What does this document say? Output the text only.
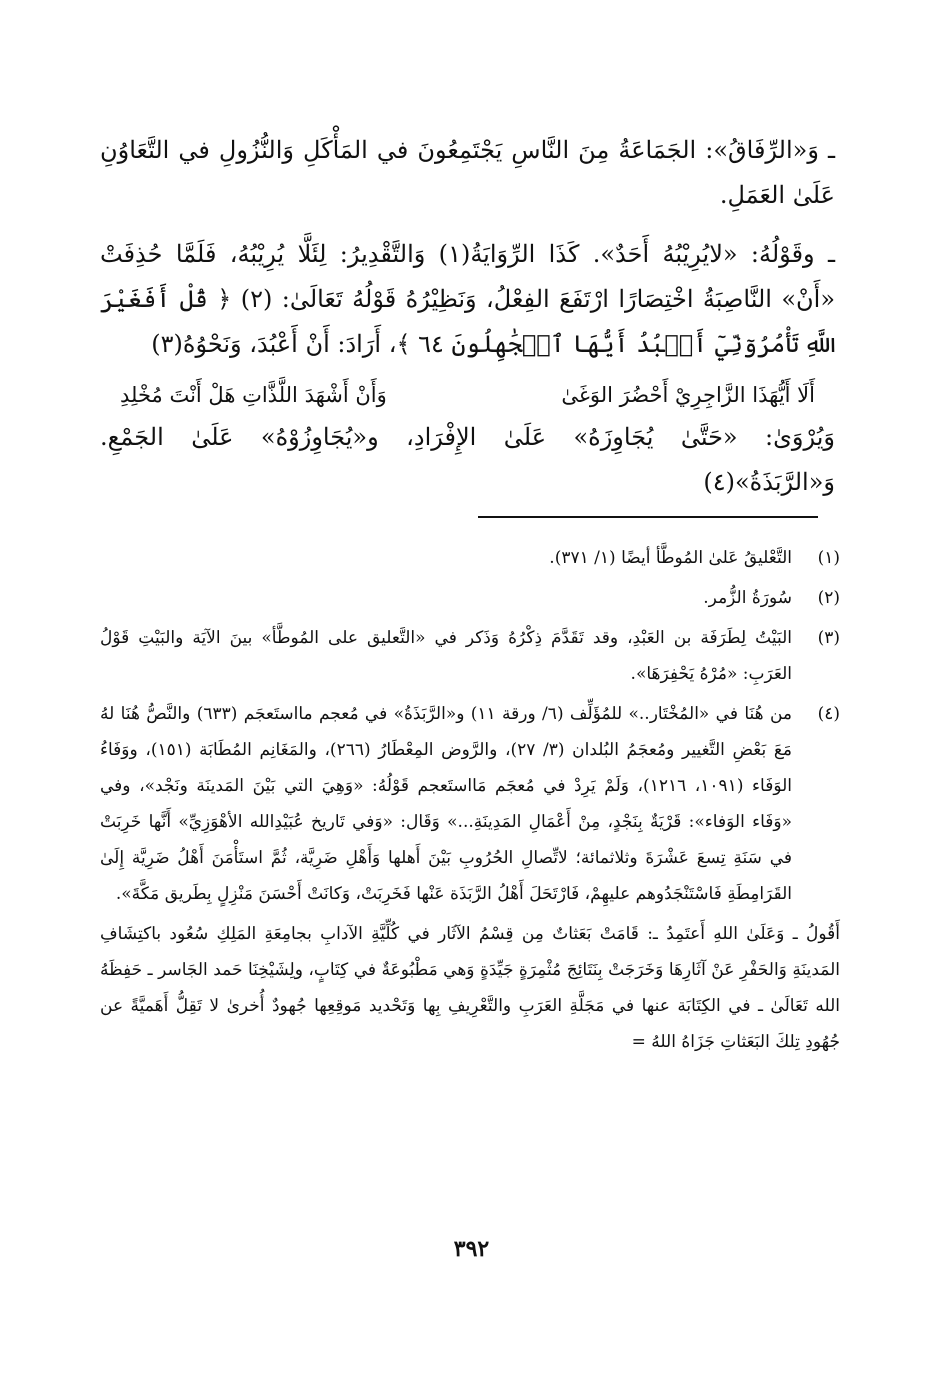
ـ وَ«الرِّفَاقُ»: الجَمَاعَةُ مِنَ النَّاسِ يَجْتَمِعُونَ في المَأْكَلِ وَالنُّزُولِ في التَّعَاوُنِ عَلَىٰ العَمَلِ.

ـ وقَوْلُهُ: «لايُرِيْبُهُ أَحَدٌ». كَذَا الرِّوَايَةُ(١) وَالتَّقْدِيرُ: لِئَلَّا يُرِيْبُهُ، فَلَمَّا حُذِفَتْ «أَنْ» النَّاصِبَةُ اخْتِصَارًا ارْتَفَعَ الفِعْلُ، وَنَظِيْرُهُ قَوْلُهُ تَعَالَىٰ: (٢) ﴿ قُلْ أَفَغَيْرَ اللَّهِ تَأْمُرُوٓنِّيٓ أَعۡبُدُ أَيُّهَا ٱلۡجَٰهِلُونَ ٦٤ ﴾، أَرَادَ: أَنْ أَعْبُدَ، وَنَحْوُهُ(٣)

أَلَا أَيُّهَذَا الزَّاجِرِيْ أَحْضُرَ الوَغَىٰ
وَأَنْ أَشْهَدَ اللَّذَّاتِ هَلْ أَنْتَ مُخْلِدِ

وَيُرْوَىٰ: «حَتَّىٰ يُجَاوِزَهُ» عَلَىٰ الإِفْرَادِ، و«يُجَاوِزُوْهُ» عَلَىٰ الجَمْعِ. وَ«الرَّبَذَةُ»(٤)

(١)
التَّعْليقُ عَلىٰ المُوطَّأ أيضًا (١/ ٣٧١).
(٢)
سُورَةُ الزُّمر.
(٣)
البَيْتُ لِطَرَفَة بن العَبْدِ، وقد تَقَدَّمَ ذِكْرُهُ وَذَكر في «التَّعليق على المُوطَّأ» بينَ الآيَة والبَيْتِ قَوْلُ العَرَبِ: «مُرْهُ يَحْفِرَهَا».
(٤)
من هُنَا في «المُخْتَار..» للمُؤَلِّف (٦/ ورقة ١١) و«الرَّبَذَةُ» في مُعجم مااستَعجَم (٦٣٣) والنَّصُّ هُنَا لهُ مَعَ بَعْضِ التَّغيير ومُعجَمُ البُلدان (٣/ ٢٧)، والرَّوض المِعْطَارُ (٢٦٦)، والمَغَانِم المُطَابَة (١٥١)، ووَفَاءُ الوَفَاء (١٠٩١، ١٢١٦)، وَلَمْ يَرِدْ في مُعجَم مَااستَعجم قَوْلُهُ: «وَهِيَ التي بَيْنَ المَدينَة ونَجْد»، وفي «وَفَاء الوَفاء»: قَرْيَةٌ بِنَجْدٍ، مِنْ أَعْمَالِ المَدِينَةِ...» وَقَال: «وَفي تَاريخ عُبَيْدِالله الأهْوَزِيِّ» أَنَّها خَرِبَتْ في سَنَةِ تِسعَ عَشْرَةَ وثلاثمائة؛ لاتِّصالِ الحُرُوبِ بَيْنَ أَهلها وَأَهْلِ ضَرِيَّة، ثُمَّ استَأْمَنَ أَهْلُ ضَرِيَّة إِلَىٰ القَرَامِطَةِ فَاسْتَنْجَدُوهم عليهِمْ، فَارْتَحَلَ أَهْلُ الرَّبَذَة عَنْها فَخَرِبَتْ، وَكانَتْ أَحْسَنَ مَنْزِلٍ بِطَريق مَكَّةَ».

أَقُولُ ـ وَعَلَىٰ اللهِ أَعتَمِدُ ـ: قَامَتْ بَعَثاتٌ مِن قِسْمُ الآثَار في كُلِّيَّةِ الآدابِ بجامِعَةِ المَلِكِ سُعُود باكتِشَافِ المَدينَةِ وَالحَفْرِ عَنْ آثَارِهَا وَخَرَجَتْ بِنَتَائِجَ مُثْمِرَةٍ جَيِّدَةٍ وَهي مَطْبُوعَةٌ في كِتَابٍ، ولِشَيْخِنَا حَمد الجَاسر ـ حَفِظَهُ الله تَعَالَىٰ ـ في الكِتَابَة عنها في مَجَلَّةِ العَرَبِ والتَّعْرِيفِ بِها وَتَحْديد مَوقِعِها جُهودٌ أُخرىٰ لا تَقِلُّ أَهَميَّةً عن جُهُودِ تِلكَ البَعَثاتِ جَزَاهُ اللهُ =

٣٩٢
